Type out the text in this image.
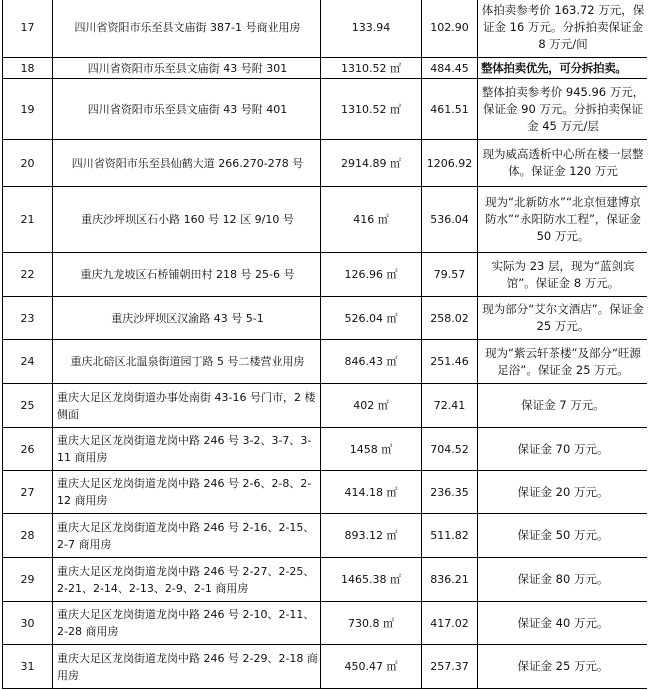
17	四川省资阳市乐至县文庙街 387-1 号商业用房	133.94	102.90	体拍卖参考价 163.72 万元，保证金 16 万元。分拆拍卖保证金 8 万元/间
18	四川省资阳市乐至县文庙街 43 号附 301	1310.52 ㎡	484.45	整体拍卖优先，可分拆拍卖。
19	四川省资阳市乐至县文庙街 43 号附 401	1310.52 ㎡	461.51	整体拍卖参考价 945.96 万元，保证金 90 万元。分拆拍卖保证金 45 万元/层
20	四川省资阳市乐至县仙鹤大道 266.270-278 号	2914.89 ㎡	1206.92	现为威高透析中心所在楼一层整体。保证金 120 万元
21	重庆沙坪坝区石小路 160 号 12 区 9/10 号	416 ㎡	536.04	现为“北新防水”“北京恒建博京防水”“永阳防水工程”，保证金 50 万元。
22	重庆九龙坡区石桥铺朝田村 218 号 25-6 号	126.96 ㎡	79.57	实际为 23 层，现为“蓝剑宾馆”。保证金 8 万元。
23	重庆沙坪坝区汉渝路 43 号 5-1	526.04 ㎡	258.02	现为部分“艾尔文酒店”。保证金 25 万元。
24	重庆北碚区北温泉街道园丁路 5 号二楼营业用房	846.43 ㎡	251.46	现为“紫云轩茶楼”及部分“旺源足浴”。保证金 25 万元。
25	重庆大足区龙岗街道办事处南街 43-16 号门市，2 楼侧面	402 ㎡	72.41	保证金 7 万元。
26	重庆大足区龙岗街道龙岗中路 246 号 3-2、3-7、3-11 商用房	1458 ㎡	704.52	保证金 70 万元。
27	重庆大足区龙岗街道龙岗中路 246 号 2-6、2-8、2-12 商用房	414.18 ㎡	236.35	保证金 20 万元。
28	重庆大足区龙岗街道龙岗中路 246 号 2-16、2-15、2-7 商用房	893.12 ㎡	511.82	保证金 50 万元。
29	重庆大足区龙岗街道龙岗中路 246 号 2-27、2-25、2-21、2-14、2-13、2-9、2-1 商用房	1465.38 ㎡	836.21	保证金 80 万元。
30	重庆大足区龙岗街道龙岗中路 246 号 2-10、2-11、2-28 商用房	730.8 ㎡	417.02	保证金 40 万元。
31	重庆大足区龙岗街道龙岗中路 246 号 2-29、2-18 商用房	450.47 ㎡	257.37	保证金 25 万元。
